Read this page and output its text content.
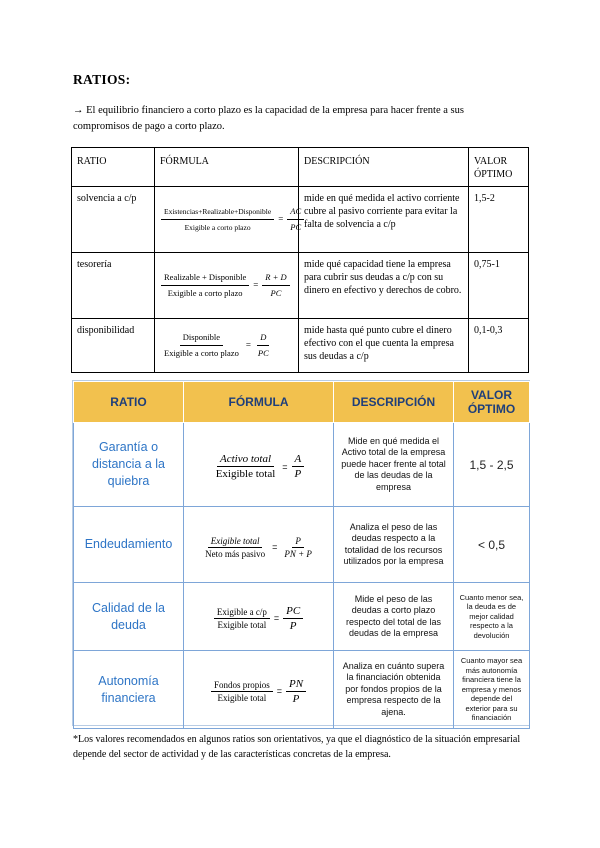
RATIOS:
→ El equilibrio financiero a corto plazo es la capacidad de la empresa para hacer frente a sus compromisos de pago a corto plazo.
RATIO	FÓRMULA	DESCRIPCIÓN	VALOR ÓPTIMO
solvencia a c/p	$\frac{\text{Existencias+Realizable+Disponible}}{\text{Exigible a corto plazo}} = \frac{AC}{PC}$	mide en qué medida el activo corriente cubre al pasivo corriente para evitar la falta de solvencia a c/p	1,5-2
tesorería	$\frac{\text{Realizable + Disponible}}{\text{Exigible a corto plazo}} = \frac{R + D}{PC}$	mide qué capacidad tiene la empresa para cubrir sus deudas a c/p con su dinero en efectivo y derechos de cobro.	0,75-1
disponibilidad	$\frac{\text{Disponible}}{\text{Exigible a corto plazo}} = \frac{D}{PC}$	mide hasta qué punto cubre el dinero efectivo con el que cuenta la empresa sus deudas a c/p	0,1-0,3
RATIO	FÓRMULA	DESCRIPCIÓN	VALOR ÓPTIMO
Garantía o distancia a la quiebra	$\frac{\text{Activo total}}{\text{Exigible total}} = \frac{A}{P}$	Mide en qué medida el Activo total de la empresa puede hacer frente al total de las deudas de la empresa	1,5 - 2,5
Endeudamiento	$\frac{\text{Exigible total}}{\text{Neto más pasivo}} = \frac{P}{PN + P}$	Analiza el peso de las deudas respecto a la totalidad de los recursos utilizados por la empresa	< 0,5
Calidad de la deuda	$\frac{\text{Exigible a c/p}}{\text{Exigible total}} = \frac{PC}{P}$	Mide el peso de las deudas a corto plazo respecto del total de las deudas de la empresa	Cuanto menor sea, la deuda es de mejor calidad respecto a la devolución
Autonomía financiera	$\frac{\text{Fondos propios}}{\text{Exigible total}} = \frac{PN}{P}$	Analiza en cuánto supera la financiación obtenida por fondos propios de la empresa respecto de la ajena.	Cuanto mayor sea más autonomía financiera tiene la empresa y menos depende del exterior para su financiación
*Los valores recomendados en algunos ratios son orientativos, ya que el diagnóstico de la situación empresarial depende del sector de actividad y de las características concretas de la empresa.
